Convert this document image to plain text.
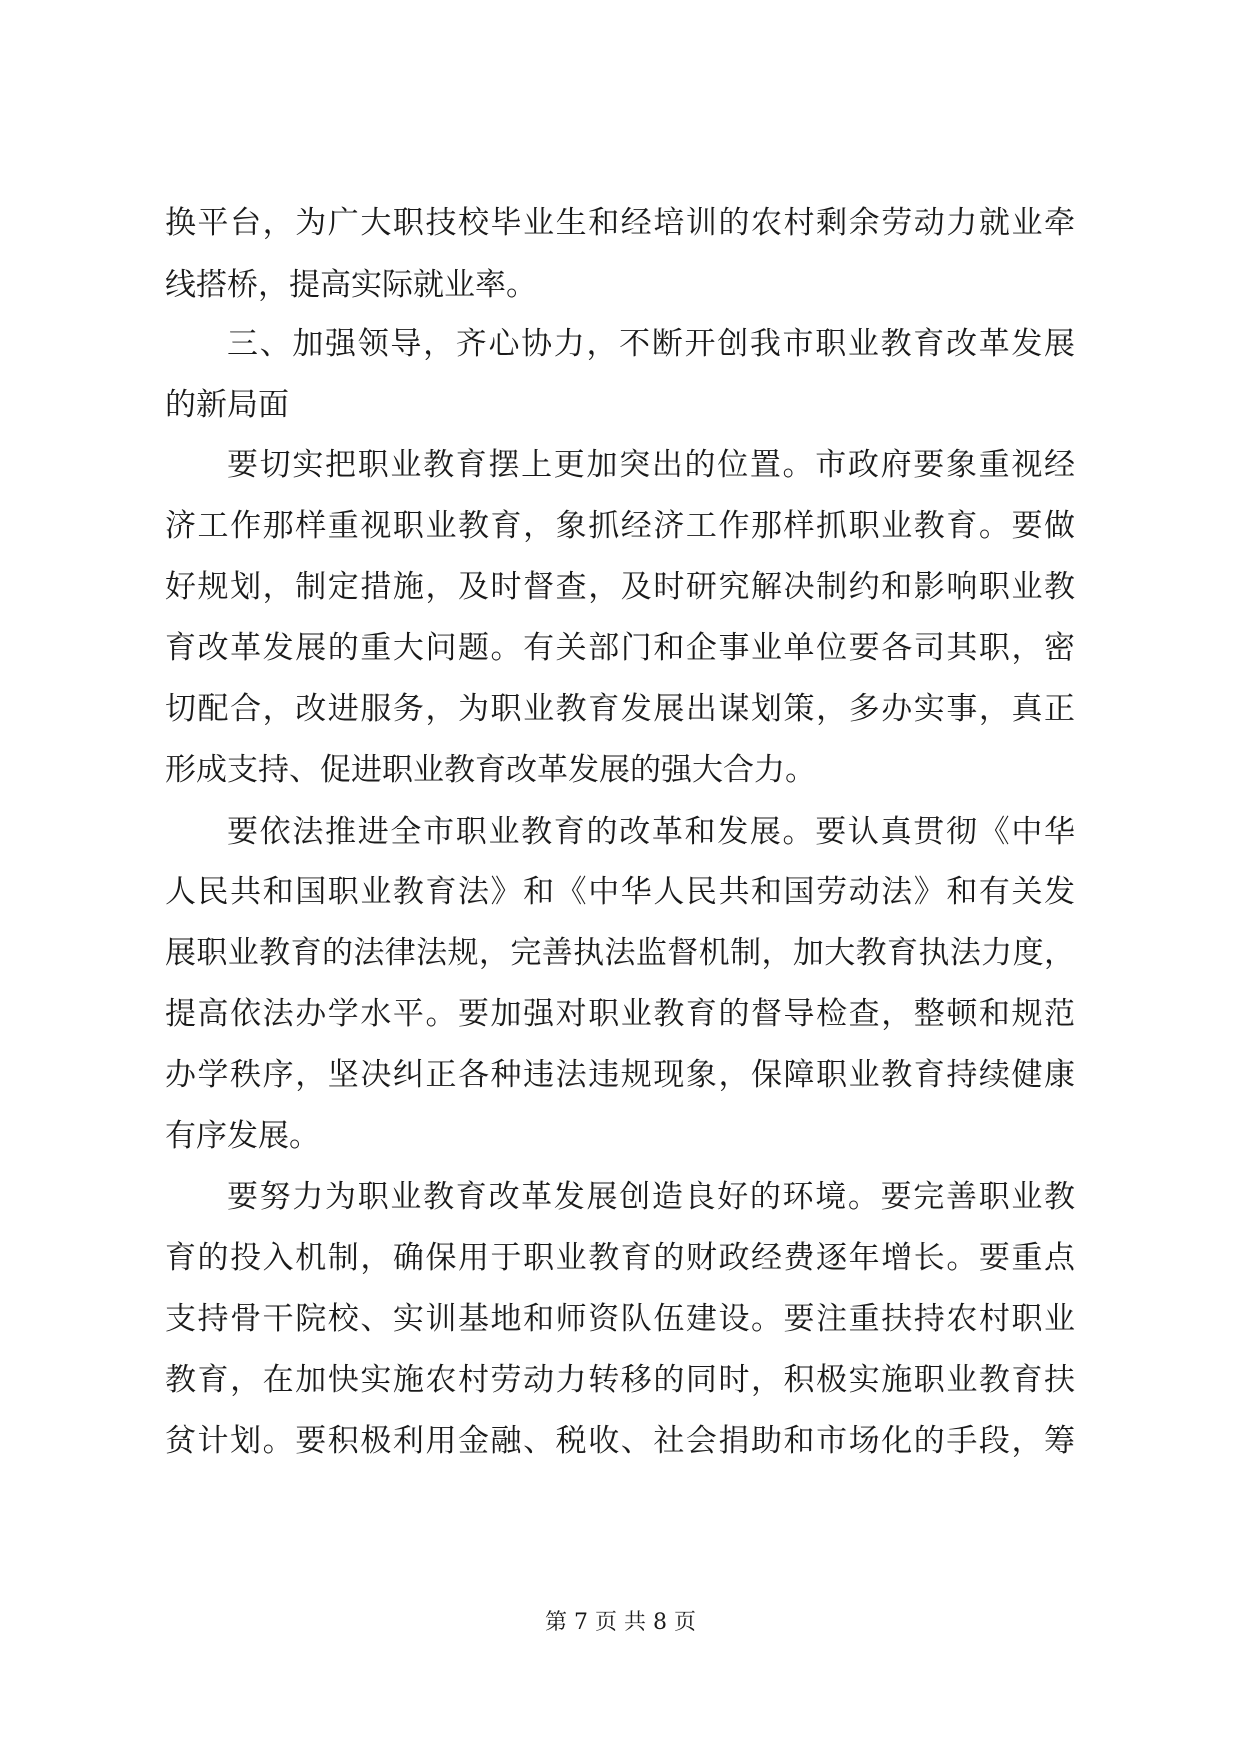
换平台，为广大职技校毕业生和经培训的农村剩余劳动力就业牵
线搭桥，提高实际就业率。
三、加强领导，齐心协力，不断开创我市职业教育改革发展
的新局面
要切实把职业教育摆上更加突出的位置。市政府要象重视经
济工作那样重视职业教育，象抓经济工作那样抓职业教育。要做
好规划，制定措施，及时督查，及时研究解决制约和影响职业教
育改革发展的重大问题。有关部门和企事业单位要各司其职，密
切配合，改进服务，为职业教育发展出谋划策，多办实事，真正
形成支持、促进职业教育改革发展的强大合力。
要依法推进全市职业教育的改革和发展。要认真贯彻《中华
人民共和国职业教育法》和《中华人民共和国劳动法》和有关发
展职业教育的法律法规，完善执法监督机制，加大教育执法力度，
提高依法办学水平。要加强对职业教育的督导检查，整顿和规范
办学秩序，坚决纠正各种违法违规现象，保障职业教育持续健康
有序发展。
要努力为职业教育改革发展创造良好的环境。要完善职业教
育的投入机制，确保用于职业教育的财政经费逐年增长。要重点
支持骨干院校、实训基地和师资队伍建设。要注重扶持农村职业
教育，在加快实施农村劳动力转移的同时，积极实施职业教育扶
贫计划。要积极利用金融、税收、社会捐助和市场化的手段，筹
第 7 页 共 8 页
